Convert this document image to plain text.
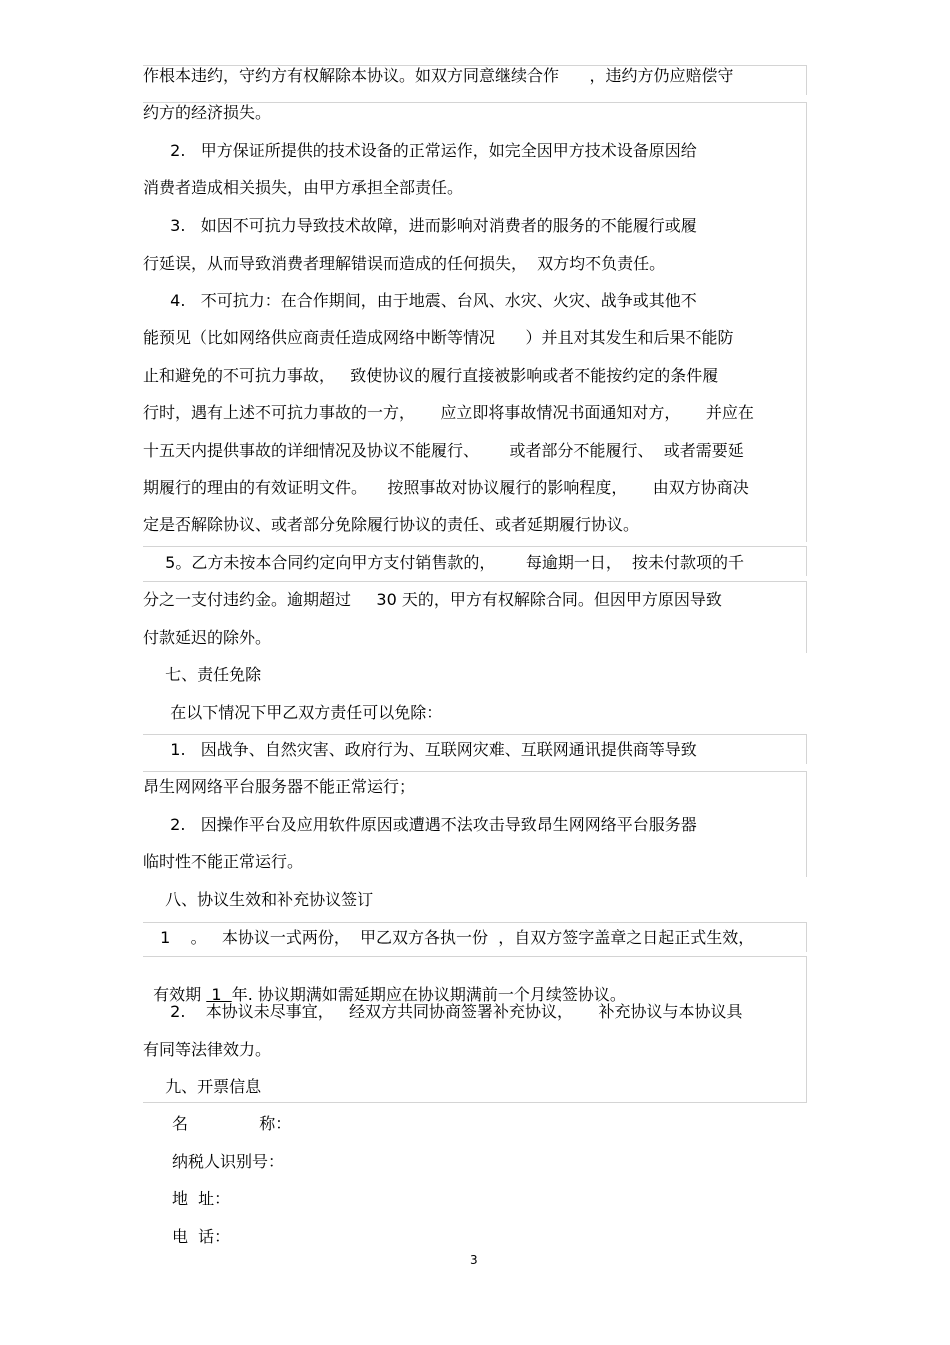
作根本违约，守约方有权解除本协议。如双方同意继续合作      ，违约方仍应赔偿守
约方的经济损失。
2.   甲方保证所提供的技术设备的正常运作，如完全因甲方技术设备原因给
消费者造成相关损失，由甲方承担全部责任。
3.   如因不可抗力导致技术故障，进而影响对消费者的服务的不能履行或履
行延误，从而导致消费者理解错误而造成的任何损失，  双方均不负责任。
4.   不可抗力：在合作期间，由于地震、台风、水灾、火灾、战争或其他不
能预见（比如网络供应商责任造成网络中断等情况      ）并且对其发生和后果不能防
止和避免的不可抗力事故，   致使协议的履行直接被影响或者不能按约定的条件履
行时，遇有上述不可抗力事故的一方，     应立即将事故情况书面通知对方，     并应在
十五天内提供事故的详细情况及协议不能履行、      或者部分不能履行、  或者需要延
期履行的理由的有效证明文件。    按照事故对协议履行的影响程度，     由双方协商决
定是否解除协议、或者部分免除履行协议的责任、或者延期履行协议。
5。乙方未按本合同约定向甲方支付销售款的，      每逾期一日，  按未付款项的千
分之一支付违约金。逾期超过     30 天的，甲方有权解除合同。但因甲方原因导致
付款延迟的除外。
七、责任免除
在以下情况下甲乙双方责任可以免除：
1.   因战争、自然灾害、政府行为、互联网灾难、互联网通讯提供商等导致
昂生网网络平台服务器不能正常运行；
2.   因操作平台及应用软件原因或遭遇不法攻击导致昂生网网络平台服务器
临时性不能正常运行。
八、协议生效和补充协议签订
1    。   本协议一式两份，  甲乙双方各执一份  ，自双方签字盖章之日起正式生效，

有效期  1  年. 协议期满如需延期应在协议期满前一个月续签协议。

2.    本协议未尽事宜，   经双方共同协商签署补充协议，     补充协议与本协议具
有同等法律效力。
九、开票信息
名              称：
纳税人识别号：
地  址：
电  话：
3
